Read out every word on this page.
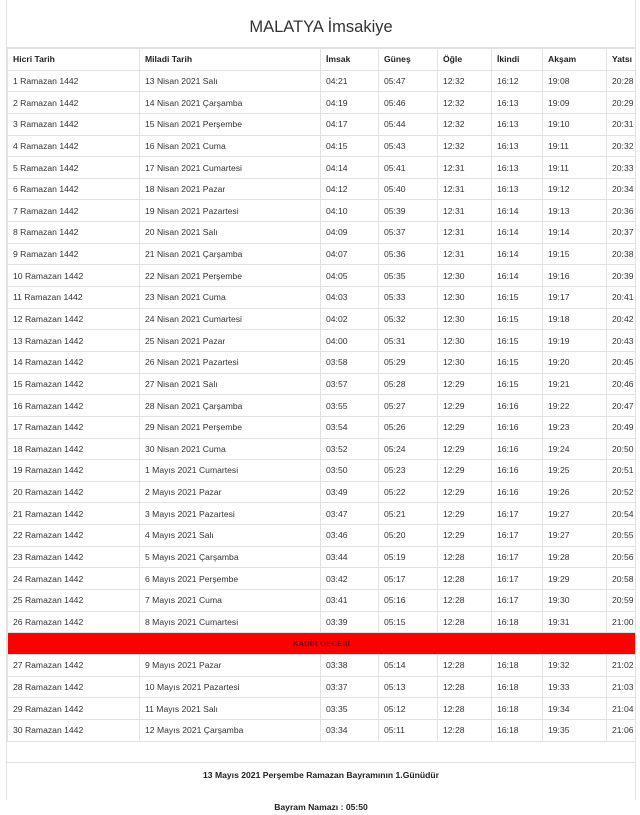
MALATYA İmsakiye
Hicri Tarih	Miladi Tarih	İmsak	Güneş	Öğle	İkindi	Akşam	Yatsı
1 Ramazan 1442	13 Nisan 2021 Salı	04:21	05:47	12:32	16:12	19:08	20:28
2 Ramazan 1442	14 Nisan 2021 Çarşamba	04:19	05:46	12:32	16:13	19:09	20:29
3 Ramazan 1442	15 Nisan 2021 Perşembe	04:17	05:44	12:32	16:13	19:10	20:31
4 Ramazan 1442	16 Nisan 2021 Cuma	04:15	05:43	12:32	16:13	19:11	20:32
5 Ramazan 1442	17 Nisan 2021 Cumartesi	04:14	05:41	12:31	16:13	19:11	20:33
6 Ramazan 1442	18 Nisan 2021 Pazar	04:12	05:40	12:31	16:13	19:12	20:34
7 Ramazan 1442	19 Nisan 2021 Pazartesi	04:10	05:39	12:31	16:14	19:13	20:36
8 Ramazan 1442	20 Nisan 2021 Salı	04:09	05:37	12:31	16:14	19:14	20:37
9 Ramazan 1442	21 Nisan 2021 Çarşamba	04:07	05:36	12:31	16:14	19:15	20:38
10 Ramazan 1442	22 Nisan 2021 Perşembe	04:05	05:35	12:30	16:14	19:16	20:39
11 Ramazan 1442	23 Nisan 2021 Cuma	04:03	05:33	12:30	16:15	19:17	20:41
12 Ramazan 1442	24 Nisan 2021 Cumartesi	04:02	05:32	12:30	16:15	19:18	20:42
13 Ramazan 1442	25 Nisan 2021 Pazar	04:00	05:31	12:30	16:15	19:19	20:43
14 Ramazan 1442	26 Nisan 2021 Pazartesi	03:58	05:29	12:30	16:15	19:20	20:45
15 Ramazan 1442	27 Nisan 2021 Salı	03:57	05:28	12:29	16:15	19:21	20:46
16 Ramazan 1442	28 Nisan 2021 Çarşamba	03:55	05:27	12:29	16:16	19:22	20:47
17 Ramazan 1442	29 Nisan 2021 Perşembe	03:54	05:26	12:29	16:16	19:23	20:49
18 Ramazan 1442	30 Nisan 2021 Cuma	03:52	05:24	12:29	16:16	19:24	20:50
19 Ramazan 1442	1 Mayıs 2021 Cumartesi	03:50	05:23	12:29	16:16	19:25	20:51
20 Ramazan 1442	2 Mayıs 2021 Pazar	03:49	05:22	12:29	16:16	19:26	20:52
21 Ramazan 1442	3 Mayıs 2021 Pazartesi	03:47	05:21	12:29	16:17	19:27	20:54
22 Ramazan 1442	4 Mayıs 2021 Salı	03:46	05:20	12:29	16:17	19:27	20:55
23 Ramazan 1442	5 Mayıs 2021 Çarşamba	03:44	05:19	12:28	16:17	19:28	20:56
24 Ramazan 1442	6 Mayıs 2021 Perşembe	03:42	05:17	12:28	16:17	19:29	20:58
25 Ramazan 1442	7 Mayıs 2021 Cuma	03:41	05:16	12:28	16:17	19:30	20:59
26 Ramazan 1442	8 Mayıs 2021 Cumartesi	03:39	05:15	12:28	16:18	19:31	21:00
KADİR GECESİ							
27 Ramazan 1442	9 Mayıs 2021 Pazar	03:38	05:14	12:28	16:18	19:32	21:02
28 Ramazan 1442	10 Mayıs 2021 Pazartesi	03:37	05:13	12:28	16:18	19:33	21:03
29 Ramazan 1442	11 Mayıs 2021 Salı	03:35	05:12	12:28	16:18	19:34	21:04
30 Ramazan 1442	12 Mayıs 2021 Çarşamba	03:34	05:11	12:28	16:18	19:35	21:06
13 Mayıs 2021 Perşembe Ramazan Bayramının 1.Günüdür
Bayram Namazı : 05:50
